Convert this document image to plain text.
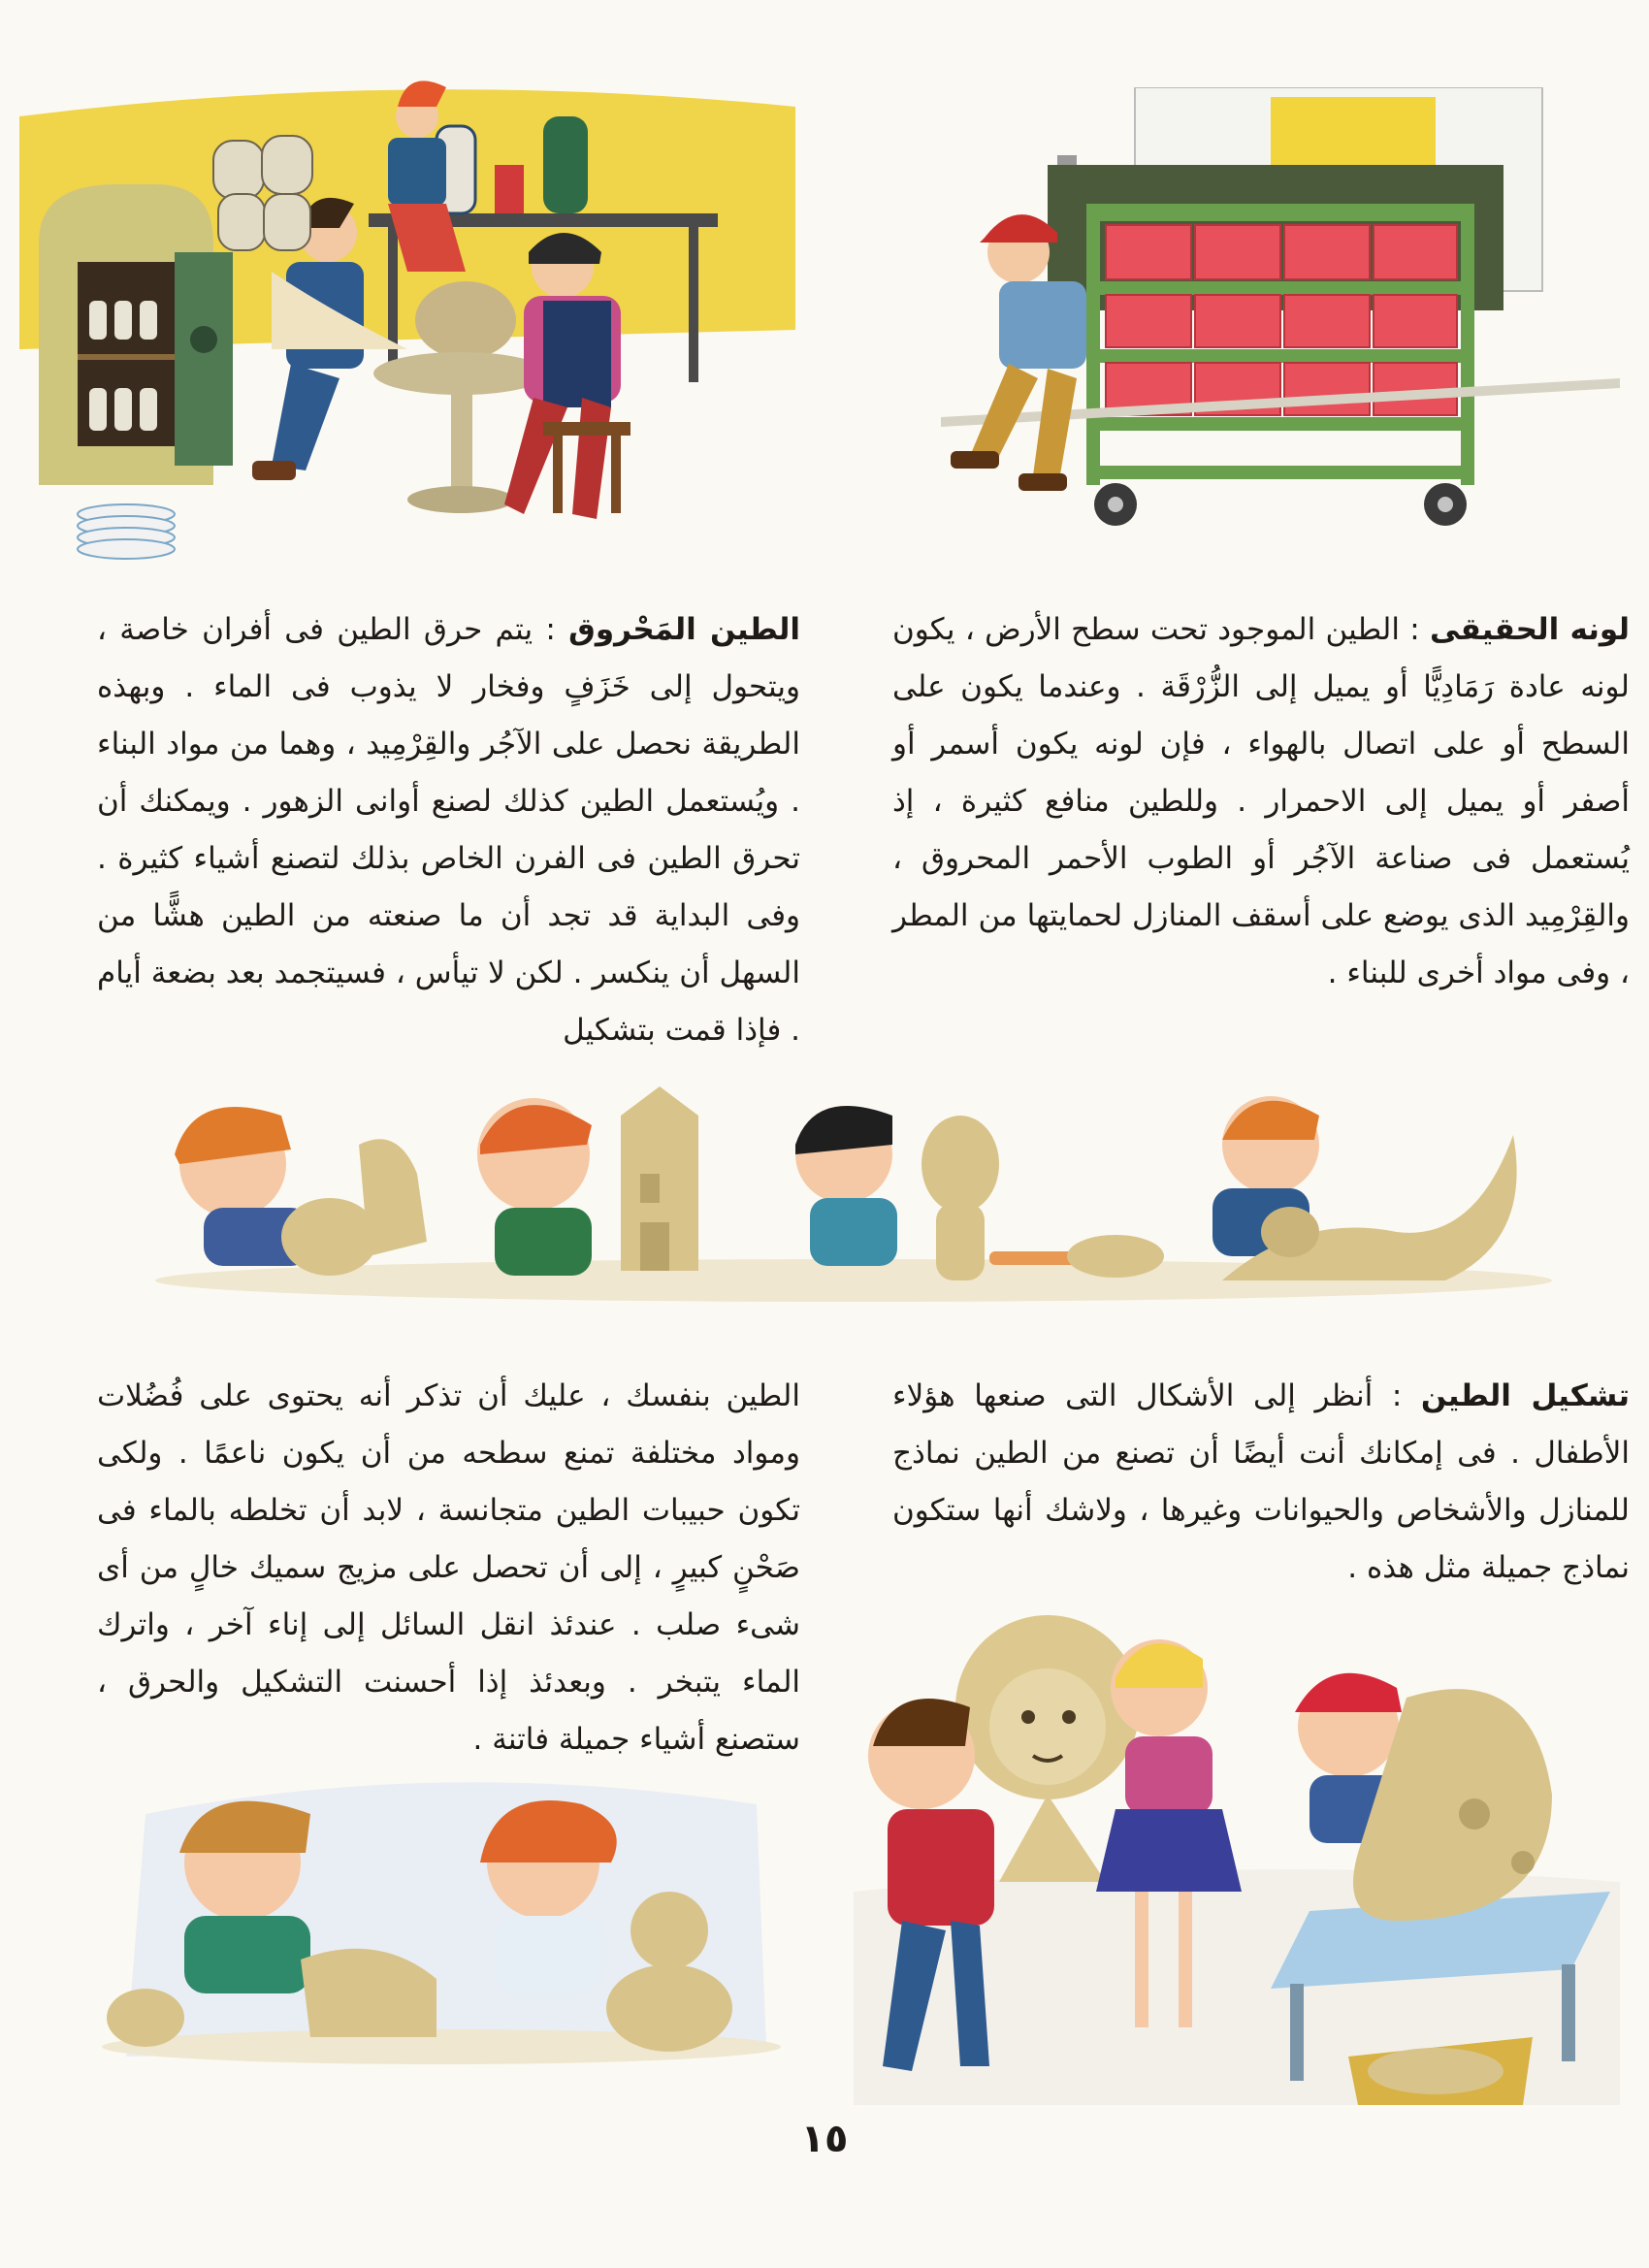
لونه الحقيقى : الطين الموجود تحت سطح الأرض ، يكون لونه عادة رَمَادِيًّا أو يميل إلى الزُّرْقَة . وعندما يكون على السطح أو على اتصال بالهواء ، فإن لونه يكون أسمر أو أصفر أو يميل إلى الاحمرار . وللطين منافع كثيرة ، إذ يُستعمل فى صناعة الآجُر أو الطوب الأحمر المحروق ، والقِرْمِيد الذى يوضع على أسقف المنازل لحمايتها من المطر ، وفى مواد أخرى للبناء .
الطين المَحْروق : يتم حرق الطين فى أفران خاصة ، ويتحول إلى خَزَفٍ وفخار لا يذوب فى الماء . وبهذه الطريقة نحصل على الآجُر والقِرْمِيد ، وهما من مواد البناء . ويُستعمل الطين كذلك لصنع أوانى الزهور . ويمكنك أن تحرق الطين فى الفرن الخاص بذلك لتصنع أشياء كثيرة . وفى البداية قد تجد أن ما صنعته من الطين هشًّا من السهل أن ينكسر . لكن لا تيأس ، فسيتجمد بعد بضعة أيام . فإذا قمت بتشكيل
تشكيل الطين : أنظر إلى الأشكال التى صنعها هؤلاء الأطفال . فى إمكانك أنت أيضًا أن تصنع من الطين نماذج للمنازل والأشخاص والحيوانات وغيرها ، ولاشك أنها ستكون نماذج جميلة مثل هذه .
الطين بنفسك ، عليك أن تذكر أنه يحتوى على فُضُلات ومواد مختلفة تمنع سطحه من أن يكون ناعمًا . ولكى تكون حبيبات الطين متجانسة ، لابد أن تخلطه بالماء فى صَحْنٍ كبيرٍ ، إلى أن تحصل على مزيج سميك خالٍ من أى شىء صلب . عندئذ انقل السائل إلى إناء آخر ، واترك الماء يتبخر . وبعدئذ إذا أحسنت التشكيل والحرق ، ستصنع أشياء جميلة فاتنة .
١٥
